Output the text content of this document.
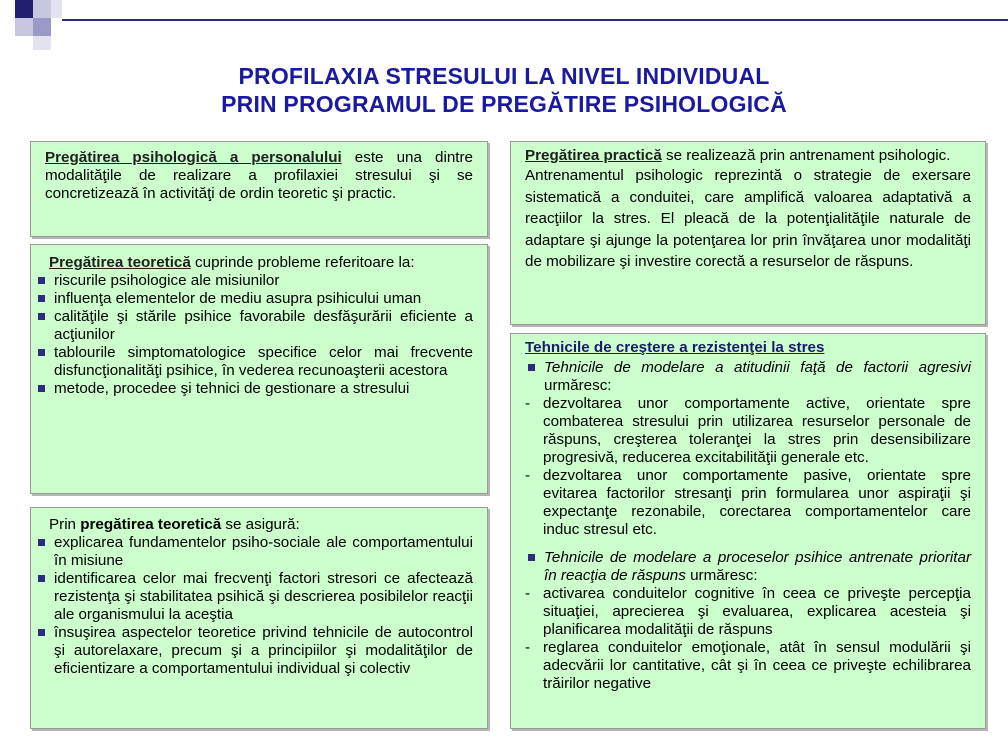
PROFILAXIA STRESULUI LA NIVEL INDIVIDUAL
PRIN PROGRAMUL DE PREGĂTIRE PSIHOLOGICĂ
Pregătirea psihologică a personalului este una dintre modalităţile de realizare a profilaxiei stresului şi se concretizează în activităţi de ordin teoretic şi practic.
Pregătirea teoretică cuprinde probleme referitoare la:
riscurile psihologice ale misiunilor
influenţa elementelor de mediu asupra psihicului uman
calităţile şi stările psihice favorabile desfăşurării eficiente a acţiunilor
tablourile simptomatologice specifice celor mai frecvente disfuncţionalităţi psihice, în vederea recunoaşterii acestora
metode, procedee şi tehnici de gestionare a stresului
Prin pregătirea teoretică se asigură:
explicarea fundamentelor psiho-sociale ale comportamentului în misiune
identificarea celor mai frecvenţi factori stresori ce afectează rezistenţa şi stabilitatea psihică şi descrierea posibilelor reacţii ale organismului la aceştia
însuşirea aspectelor teoretice privind tehnicile de autocontrol şi autorelaxare, precum şi a principiilor şi modalităţilor de eficientizare a comportamentului individual şi colectiv
Pregătirea practică se realizează prin antrenament psihologic.
Antrenamentul psihologic reprezintă o strategie de exersare sistematică a conduitei, care amplifică valoarea adaptativă a reacţiilor la stres. El pleacă de la potenţialităţile naturale de adaptare şi ajunge la potenţarea lor prin învăţarea unor modalităţi de mobilizare şi investire corectă a resurselor de răspuns.
Tehnicile de creştere a rezistenţei la stres
Tehnicile de modelare a atitudinii faţă de factorii agresivi urmăresc:
- dezvoltarea unor comportamente active, orientate spre combaterea stresului prin utilizarea resurselor personale de răspuns, creşterea toleranţei la stres prin desensibilizare progresivă, reducerea excitabilităţii generale etc.
- dezvoltarea unor comportamente pasive, orientate spre evitarea factorilor stresanţi prin formularea unor aspiraţii şi expectanţe rezonabile, corectarea comportamentelor care induc stresul etc.
Tehnicile de modelare a proceselor psihice antrenate prioritar în reacţia de răspuns urmăresc:
- activarea conduitelor cognitive în ceea ce priveşte percepţia situaţiei, aprecierea şi evaluarea, explicarea acesteia şi planificarea modalităţii de răspuns
- reglarea conduitelor emoţionale, atât în sensul modulării şi adecvării lor cantitative, cât şi în ceea ce priveşte echilibrarea trăirilor negative
